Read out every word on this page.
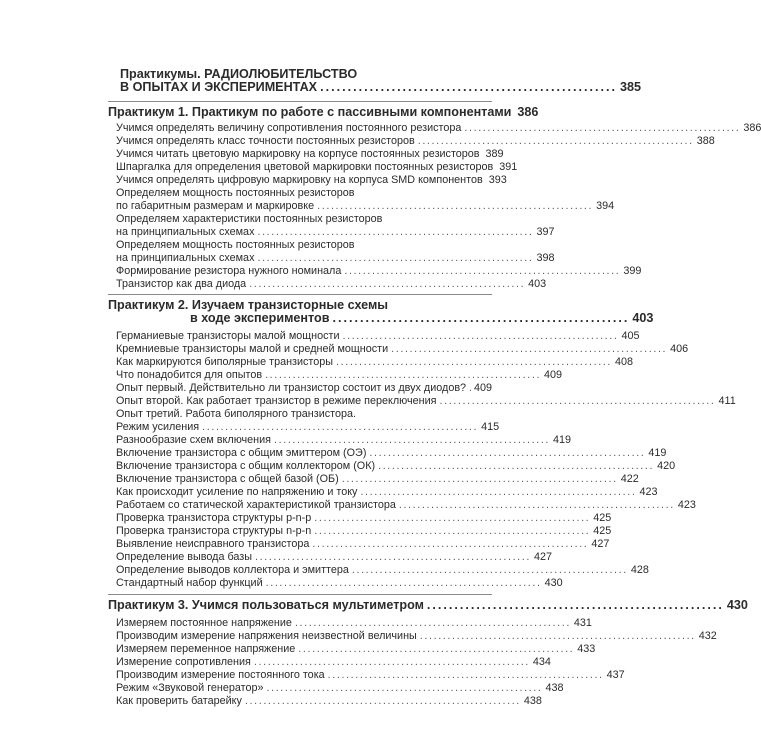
Практикумы. РАДИОЛЮБИТЕЛЬСТВО
В ОПЫТАХ И ЭКСПЕРИМЕНТАХ ...................................................... 385
Практикум 1. Практикум по работе с пассивными компонентами 386
Учимся определять величину сопротивления постоянного резистора ............................................................ 386
Учимся определять класс точности постоянных резисторов ............................................................ 388
Учимся читать цветовую маркировку на корпусе постоянных резисторов 389
Шпаргалка для определения цветовой маркировки постоянных резисторов 391
Учимся определять цифровую маркировку на корпуса SMD компонентов 393
Определяем мощность постоянных резисторов
по габаритным размерам и маркировке ............................................................ 394
Определяем характеристики постоянных резисторов
на принципиальных схемах ............................................................ 397
Определяем мощность постоянных резисторов
на принципиальных схемах ............................................................ 398
Формирование резистора нужного номинала ............................................................ 399
Транзистор как два диода ............................................................ 403
Практикум 2. Изучаем транзисторные схемы
в ходе экспериментов ...................................................... 403
Германиевые транзисторы малой мощности ............................................................ 405
Кремниевые транзисторы малой и средней мощности ............................................................ 406
Как маркируются биполярные транзисторы ............................................................ 408
Что понадобится для опытов ............................................................ 409
Опыт первый. Действительно ли транзистор состоит из двух диодов? 409
Опыт второй. Как работает транзистор в режиме переключения ............................................................ 411
Опыт третий. Работа биполярного транзистора.
Режим усиления ............................................................ 415
Разнообразие схем включения ............................................................ 419
Включение транзистора с общим эмиттером (ОЭ) ............................................................ 419
Включение транзистора с общим коллектором (ОК) ............................................................ 420
Включение транзистора с общей базой (ОБ) ............................................................ 422
Как происходит усиление по напряжению и току ............................................................ 423
Работаем со статической характеристикой транзистора ............................................................ 423
Проверка транзистора структуры p-n-p ............................................................ 425
Проверка транзистора структуры n-p-n ............................................................ 425
Выявление неисправного транзистора ............................................................ 427
Определение вывода базы ............................................................ 427
Определение выводов коллектора и эмиттера ............................................................ 428
Стандартный набор функций ............................................................ 430
Практикум 3. Учимся пользоваться мультиметром ...................................................... 430
Измеряем постоянное напряжение ............................................................ 431
Производим измерение напряжения неизвестной величины ............................................................ 432
Измеряем переменное напряжение ............................................................ 433
Измерение сопротивления ............................................................ 434
Производим измерение постоянного тока ............................................................ 437
Режим «Звуковой генератор» ............................................................ 438
Как проверить батарейку ............................................................ 438
